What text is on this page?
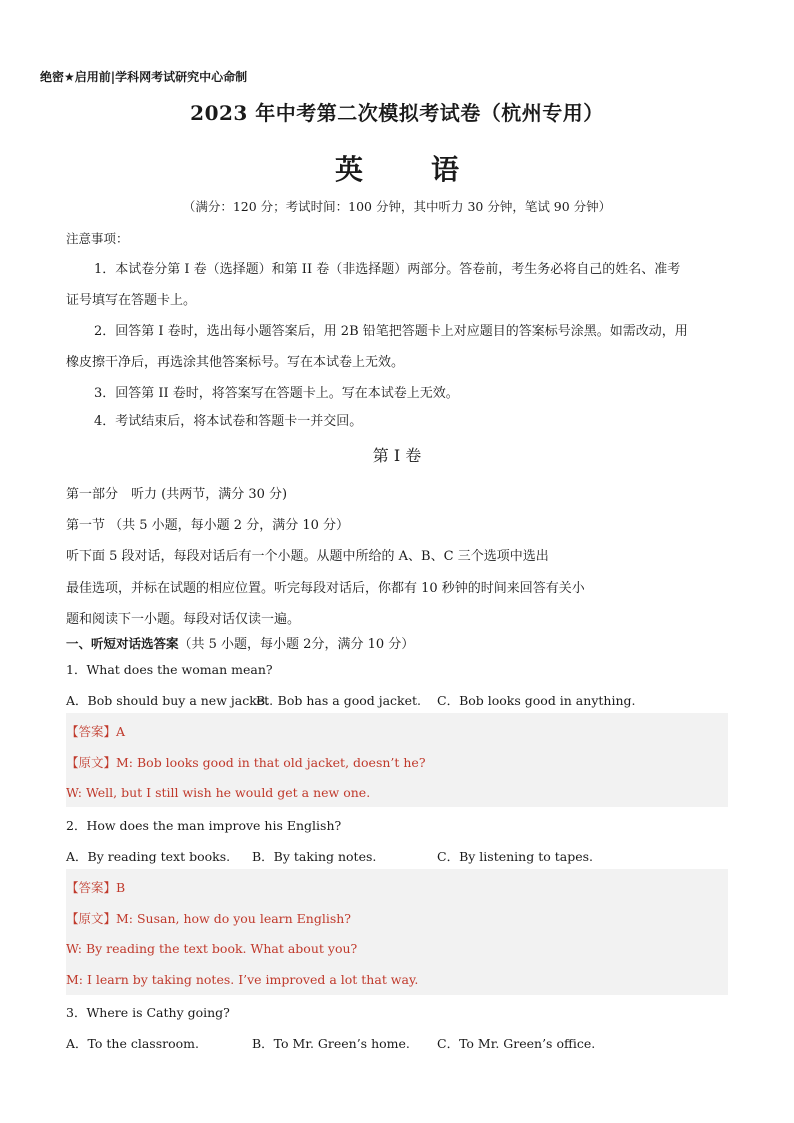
绝密★启用前|学科网考试研究中心命制
2023 年中考第二次模拟考试卷（杭州专用）
英　语
（满分：120 分；考试时间：100 分钟，其中听力 30 分钟，笔试 90 分钟）
注意事项：
1．本试卷分第 I 卷（选择题）和第 II 卷（非选择题）两部分。答卷前，考生务必将自己的姓名、准考
证号填写在答题卡上。
2．回答第 I 卷时，选出每小题答案后，用 2B 铅笔把答题卡上对应题目的答案标号涂黑。如需改动，用
橡皮擦干净后，再选涂其他答案标号。写在本试卷上无效。
3．回答第 II 卷时，将答案写在答题卡上。写在本试卷上无效。
4．考试结束后，将本试卷和答题卡一并交回。
第 I 卷
第一部分　听力 (共两节，满分 30 分)
第一节 （共 5 小题，每小题 2 分，满分 10 分）
听下面 5 段对话，每段对话后有一个小题。从题中所给的 A、B、C 三个选项中选出
最佳选项，并标在试题的相应位置。听完每段对话后，你都有 10 秒钟的时间来回答有关小
题和阅读下一小题。每段对话仅读一遍。
一、听短对话选答案（共 5 小题，每小题 2分，满分 10 分）
1．What does the woman mean?
A．Bob should buy a new jacket.
B．Bob has a good jacket. C．Bob looks good in anything.
【答案】A
【原文】M: Bob looks good in that old jacket, doesn’t he?
W: Well, but I still wish he would get a new one.
2．How does the man improve his English?
A．By reading text books. B．By taking notes.	C．By listening to tapes.
【答案】B
【原文】M: Susan, how do you learn English?
W: By reading the text book. What about you?
M: I learn by taking notes. I’ve improved a lot that way.
3．Where is Cathy going?
A．To the classroom.	B．To Mr. Green’s home. C．To Mr. Green’s office.
